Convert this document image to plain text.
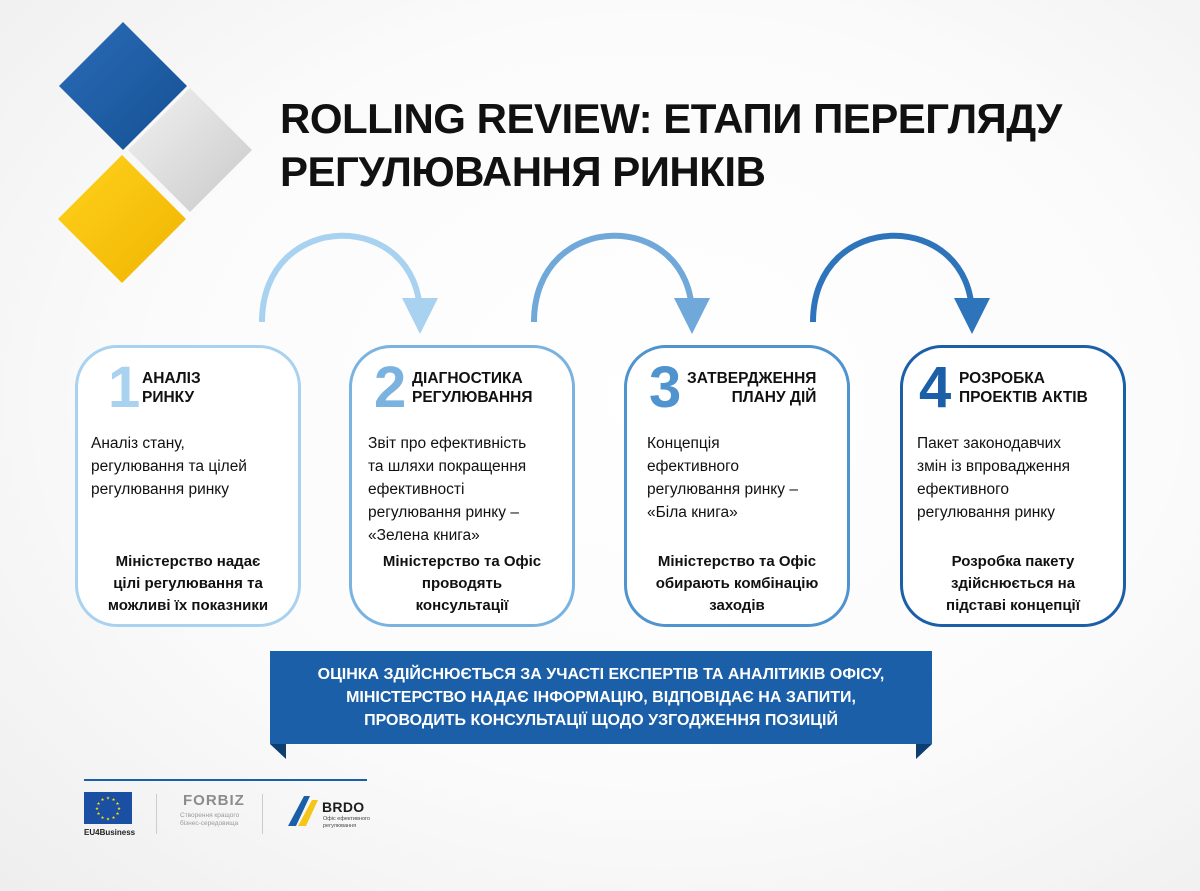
ROLLING REVIEW: ЕТАПИ ПЕРЕГЛЯДУ
РЕГУЛЮВАННЯ РИНКІВ
1 АНАЛІЗ
РИНКУ
Аналіз стану,
регулювання та цілей
регулювання ринку
Міністерство надає
цілі регулювання та
можливі їх показники
2 ДІАГНОСТИКА
РЕГУЛЮВАННЯ
Звіт про ефективність
та шляхи покращення
ефективності
регулювання ринку –
«Зелена книга»
Міністерство та Офіс
проводять
консультації
3 ЗАТВЕРДЖЕННЯ
ПЛАНУ ДІЙ
Концепція
ефективного
регулювання ринку –
«Біла книга»
Міністерство та Офіс
обирають комбінацію
заходів
4 РОЗРОБКА
ПРОЕКТІВ АКТІВ
Пакет законодавчих
змін із впровадження
ефективного
регулювання ринку
Розробка пакету
здійснюється на
підставі концепції
ОЦІНКА ЗДІЙСНЮЄТЬСЯ ЗА УЧАСТІ ЕКСПЕРТІВ ТА АНАЛІТИКІВ ОФІСУ,
МІНІСТЕРСТВО НАДАЄ ІНФОРМАЦІЮ, ВІДПОВІДАЄ НА ЗАПИТИ,
ПРОВОДИТЬ КОНСУЛЬТАЦІЇ ЩОДО УЗГОДЖЕННЯ ПОЗИЦІЙ
★ ★
★
★
★
★
★
★
★
★
★
★
EU4Business
FORBIZ
Створення кращого
бізнес-середовища
BRDO
Офіс ефективного
регулювання
